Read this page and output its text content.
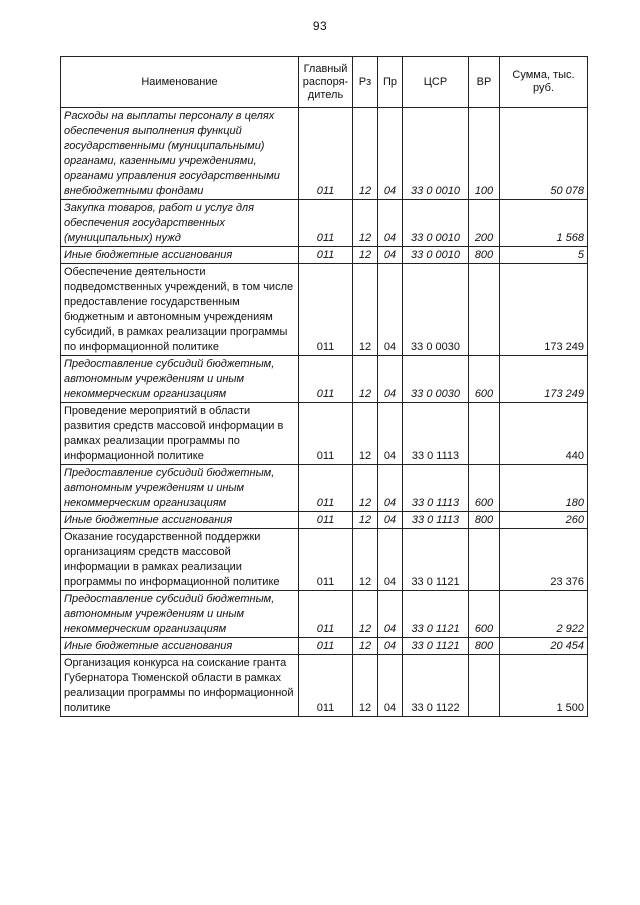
93
Наименование	Главный распоря-дитель	Рз	Пр	ЦСР	ВР	Сумма, тыс. руб.
Расходы на выплаты персоналу в целях обеспечения выполнения функций государственными (муниципальными) органами, казенными учреждениями, органами управления государственными внебюджетными фондами	011	12	04	33 0 0010	100	50 078
Закупка товаров, работ и услуг для обеспечения государственных (муниципальных) нужд	011	12	04	33 0 0010	200	1 568
Иные бюджетные ассигнования	011	12	04	33 0 0010	800	5
Обеспечение деятельности подведомственных учреждений, в том числе предоставление государственным бюджетным и автономным учреждениям субсидий, в рамках реализации программы по информационной политике	011	12	04	33 0 0030		173 249
Предоставление субсидий бюджетным, автономным учреждениям и иным некоммерческим организациям	011	12	04	33 0 0030	600	173 249
Проведение мероприятий в области развития средств массовой информации в рамках реализации программы по информационной политике	011	12	04	33 0 1113		440
Предоставление субсидий бюджетным, автономным учреждениям и иным некоммерческим организациям	011	12	04	33 0 1113	600	180
Иные бюджетные ассигнования	011	12	04	33 0 1113	800	260
Оказание государственной поддержки организациям средств массовой информации в рамках реализации программы по информационной политике	011	12	04	33 0 1121		23 376
Предоставление субсидий бюджетным, автономным учреждениям и иным некоммерческим организациям	011	12	04	33 0 1121	600	2 922
Иные бюджетные ассигнования	011	12	04	33 0 1121	800	20 454
Организация конкурса на соискание гранта Губернатора Тюменской области в рамках реализации программы по информационной политике	011	12	04	33 0 1122		1 500
